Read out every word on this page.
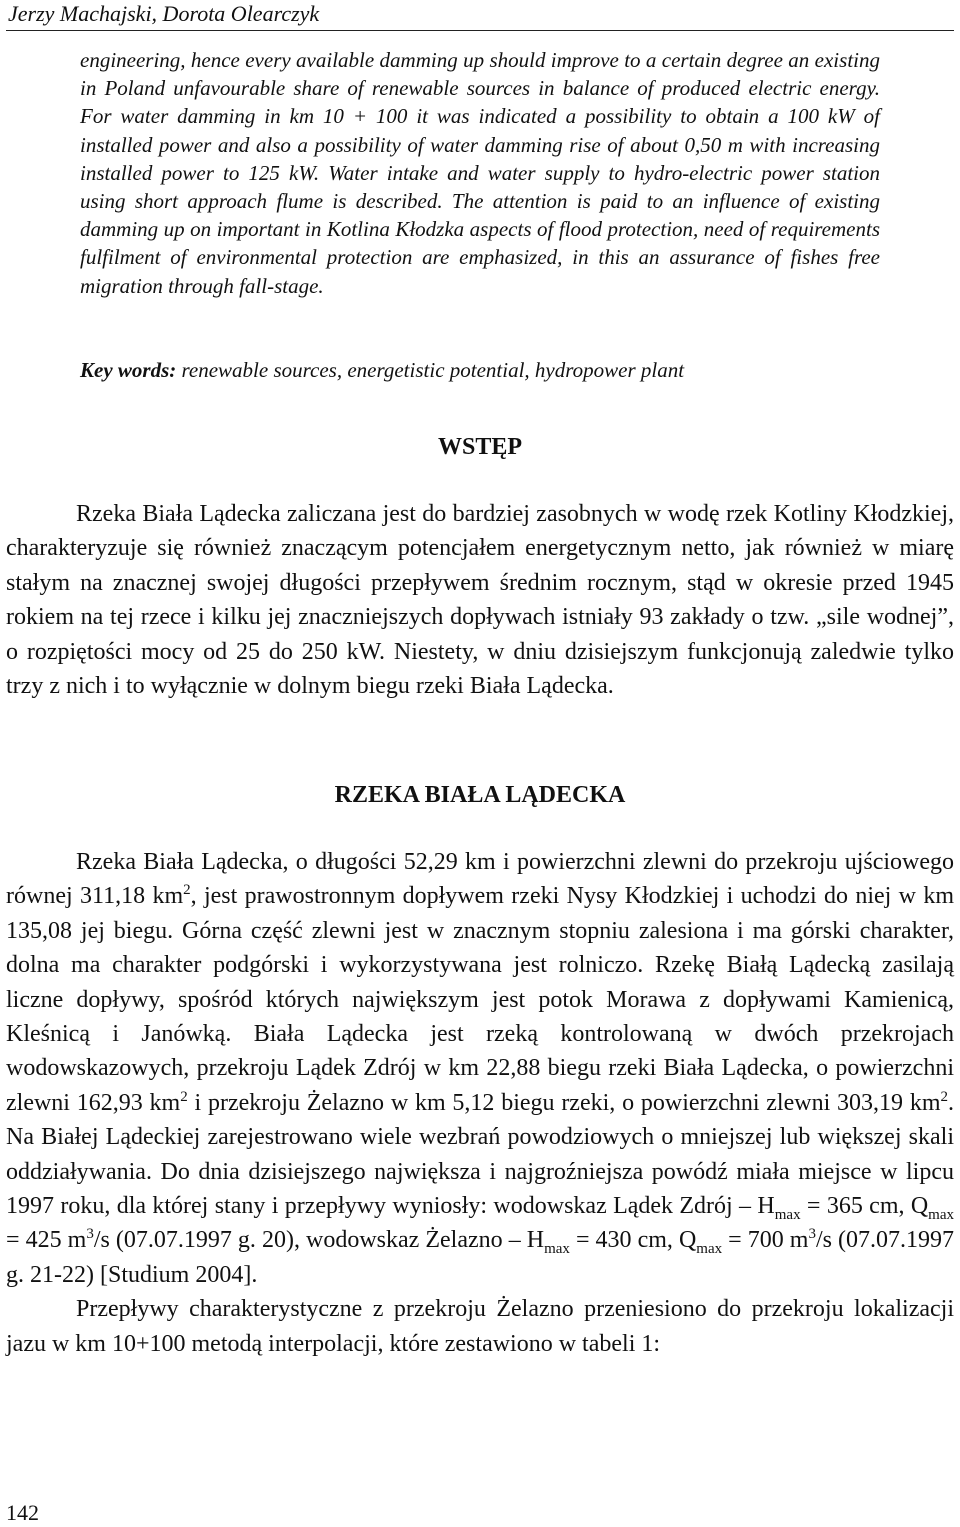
Jerzy Machajski, Dorota Olearczyk

engineering, hence every available damming up should improve to a certain degree an existing in Poland unfavourable share of renewable sources in balance of produced electric energy. For water damming in km 10 + 100 it was indicated a possibility to obtain a 100 kW of installed power and also a possibility of water damming rise of about 0,50 m with increasing installed power to 125 kW. Water intake and water supply to hydro-electric power station using short approach flume is described. The attention is paid to an influence of existing damming up on important in Kotlina Kłodzka aspects of flood protection, need of requirements fulfilment of environmental protection are emphasized, in this an assurance of fishes free migration through fall-stage.

Key words: renewable sources, energetistic potential, hydropower plant
WSTĘP

Rzeka Biała Lądecka zaliczana jest do bardziej zasobnych w wodę rzek Kotliny Kłodzkiej, charakteryzuje się również znaczącym potencjałem energetycznym netto, jak również w miarę stałym na znacznej swojej długości przepływem średnim rocznym, stąd w okresie przed 1945 rokiem na tej rzece i kilku jej znaczniejszych dopływach istniały 93 zakłady o tzw. „sile wodnej”, o rozpiętości mocy od 25 do 250 kW. Niestety, w dniu dzisiejszym funkcjonują zaledwie tylko trzy z nich i to wyłącznie w dolnym biegu rzeki Biała Lądecka.

RZEKA BIAŁA LĄDECKA

Rzeka Biała Lądecka, o długości 52,29 km i powierzchni zlewni do przekroju ujściowego równej 311,18 $km^2$, jest prawostronnym dopływem rzeki Nysy Kłodzkiej i uchodzi do niej w km 135,08 jej biegu. Górna część zlewni jest w znacznym stopniu zalesiona i ma górski charakter, dolna ma charakter podgórski i wykorzystywana jest rolniczo. Rzekę Białą Lądecką zasilają liczne dopływy, spośród których największym jest potok Morawa z dopływami Kamienicą, Kleśnicą i Janówką. Biała Lądecka jest rzeką kontrolowaną w dwóch przekrojach wodowskazowych, przekroju Lądek Zdrój w km 22,88 biegu rzeki Biała Lądecka, o powierzchni zlewni 162,93 $km^2$ i przekroju Żelazno w km 5,12 biegu rzeki, o powierzchni zlewni 303,19 $km^2$. Na Białej Lądeckiej zarejestrowano wiele wezbrań powodziowych o mniejszej lub większej skali oddziaływania. Do dnia dzisiejszego największa i najgroźniejsza powódź miała miejsce w lipcu 1997 roku, dla której stany i przepływy wyniosły: wodowskaz Lądek Zdrój – $H_{max} = 365$ cm, $Q_{max} = 425$ $m^3/s$ (07.07.1997 g. 20), wodowskaz Żelazno – $H_{max} = 430$ cm, $Q_{max} = 700$ $m^3/s$ (07.07.1997 g. 21-22) [Studium 2004].

Przepływy charakterystyczne z przekroju Żelazno przeniesiono do przekroju lokalizacji jazu w km 10+100 metodą interpolacji, które zestawiono w tabeli 1:

142
